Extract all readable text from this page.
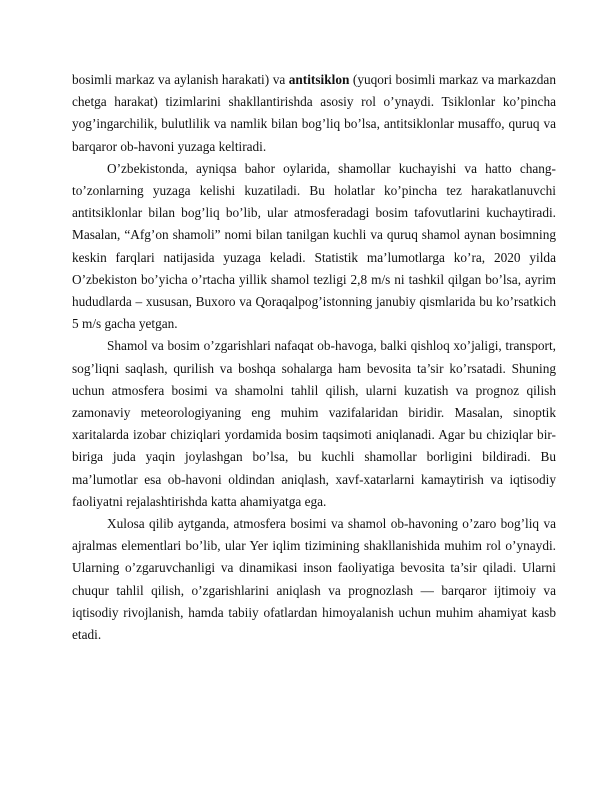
bosimli markaz va aylanish harakati) va antitsiklon (yuqori bosimli markaz va markazdan chetga harakat) tizimlarini shakllantirishda asosiy rol o’ynaydi. Tsiklonlar ko’pincha yog’ingarchilik, bulutlilik va namlik bilan bog’liq bo’lsa, antitsiklonlar musaffo, quruq va barqaror ob-havoni yuzaga keltiradi.

O’zbekistonda, ayniqsa bahor oylarida, shamollar kuchayishi va hatto chang-to’zonlarning yuzaga kelishi kuzatiladi. Bu holatlar ko’pincha tez harakatlanuvchi antitsiklonlar bilan bog’liq bo’lib, ular atmosferadagi bosim tafovutlarini kuchaytiradi. Masalan, “Afg’on shamoli” nomi bilan tanilgan kuchli va quruq shamol aynan bosimning keskin farqlari natijasida yuzaga keladi. Statistik ma’lumotlarga ko’ra, 2020 yilda O’zbekiston bo’yicha o’rtacha yillik shamol tezligi 2,8 m/s ni tashkil qilgan bo’lsa, ayrim hududlarda – xususan, Buxoro va Qoraqalpog’istonning janubiy qismlarida bu ko’rsatkich 5 m/s gacha yetgan.

Shamol va bosim o’zgarishlari nafaqat ob-havoga, balki qishloq xo’jaligi, transport, sog’liqni saqlash, qurilish va boshqa sohalarga ham bevosita ta’sir ko’rsatadi. Shuning uchun atmosfera bosimi va shamolni tahlil qilish, ularni kuzatish va prognoz qilish zamonaviy meteorologiyaning eng muhim vazifalaridan biridir. Masalan, sinoptik xaritalarda izobar chiziqlari yordamida bosim taqsimoti aniqlanadi. Agar bu chiziqlar bir-biriga juda yaqin joylashgan bo’lsa, bu kuchli shamollar borligini bildiradi. Bu ma’lumotlar esa ob-havoni oldindan aniqlash, xavf-xatarlarni kamaytirish va iqtisodiy faoliyatni rejalashtirishda katta ahamiyatga ega.

Xulosa qilib aytganda, atmosfera bosimi va shamol ob-havoning o’zaro bog’liq va ajralmas elementlari bo’lib, ular Yer iqlim tizimining shakllanishida muhim rol o’ynaydi. Ularning o’zgaruvchanligi va dinamikasi inson faoliyatiga bevosita ta’sir qiladi. Ularni chuqur tahlil qilish, o’zgarishlarini aniqlash va prognozlash — barqaror ijtimoiy va iqtisodiy rivojlanish, hamda tabiiy ofatlardan himoyalanish uchun muhim ahamiyat kasb etadi.
